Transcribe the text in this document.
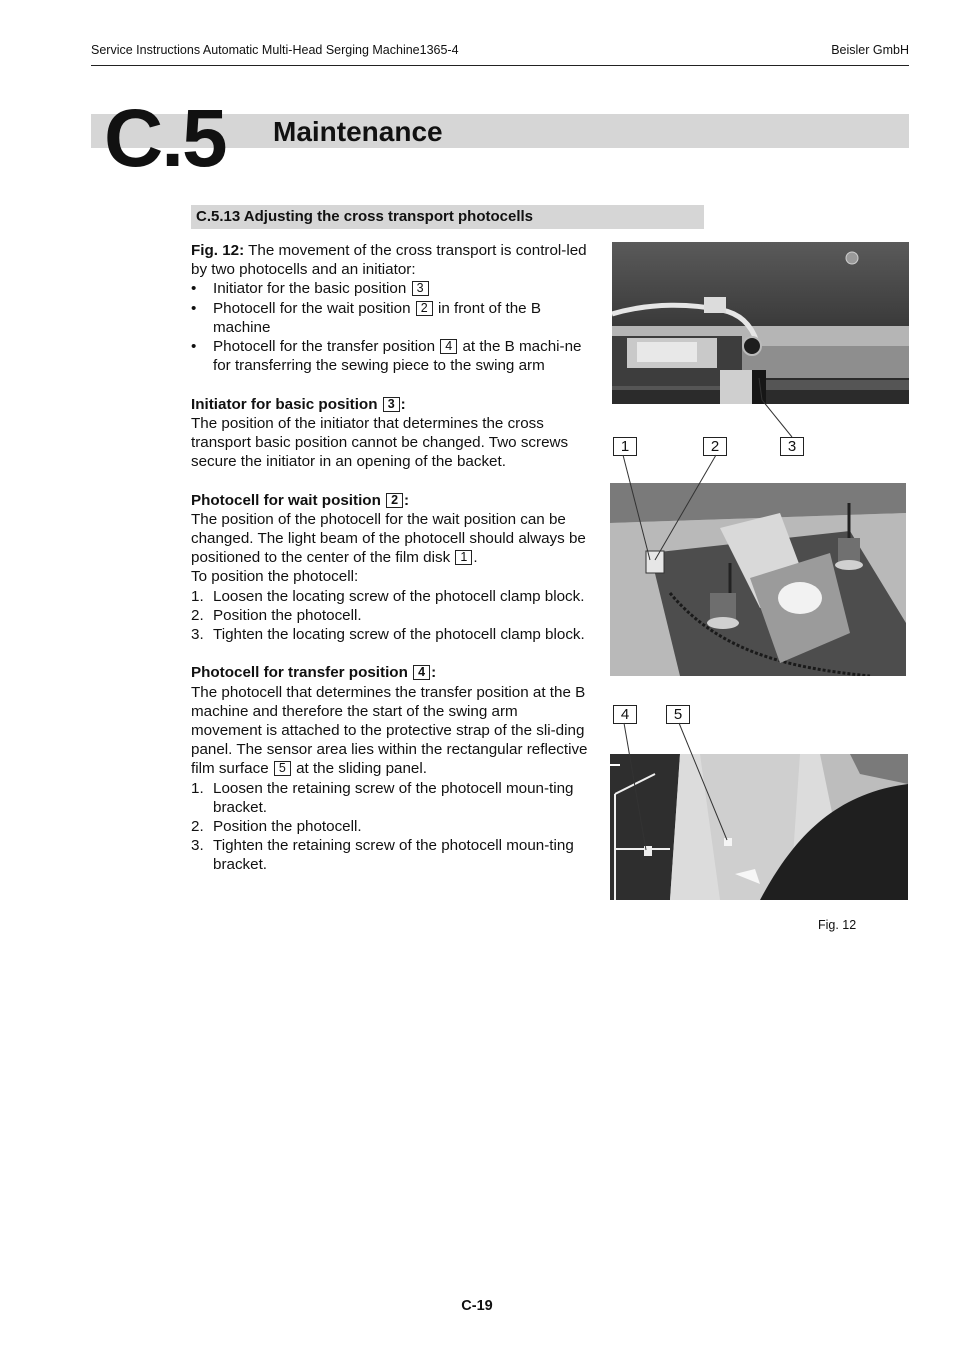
Service Instructions Automatic Multi-Head Serging Machine1365-4	Beisler GmbH
C.5 Maintenance
C.5.13 Adjusting the cross transport photocells

Fig. 12: The movement of the cross transport is control-led by two photocells and an initiator:

• Initiator for the basic position 3
• Photocell for the wait position 2 in front of the B machine
• Photocell for the transfer position 4 at the B machi-ne for transferring the sewing piece to the swing arm

Initiator for basic position 3 :

The position of the initiator that determines the cross transport basic position cannot be changed. Two screws secure the initiator in an opening of the backet.

Photocell for wait position 2 :

The position of the photocell for the wait position can be changed. The light beam of the photocell should always be positioned to the center of the film disk 1 .

To position the photocell:

1. Loosen the locating screw of the photocell clamp block.
2. Position the photocell.
3. Tighten the locating screw of the photocell clamp block.

Photocell for transfer position 4 :

The photocell that determines the transfer position at the B machine and therefore the start of the swing arm movement is attached to the protective strap of the sli-ding panel. The sensor area lies within the rectangular reflective film surface 5 at the sliding panel.

1. Loosen the retaining screw of the photocell moun-ting bracket.
2. Position the photocell.
3. Tighten the retaining screw of the photocell moun-ting bracket.
1	2	3
4	5
Fig. 12
C-19
